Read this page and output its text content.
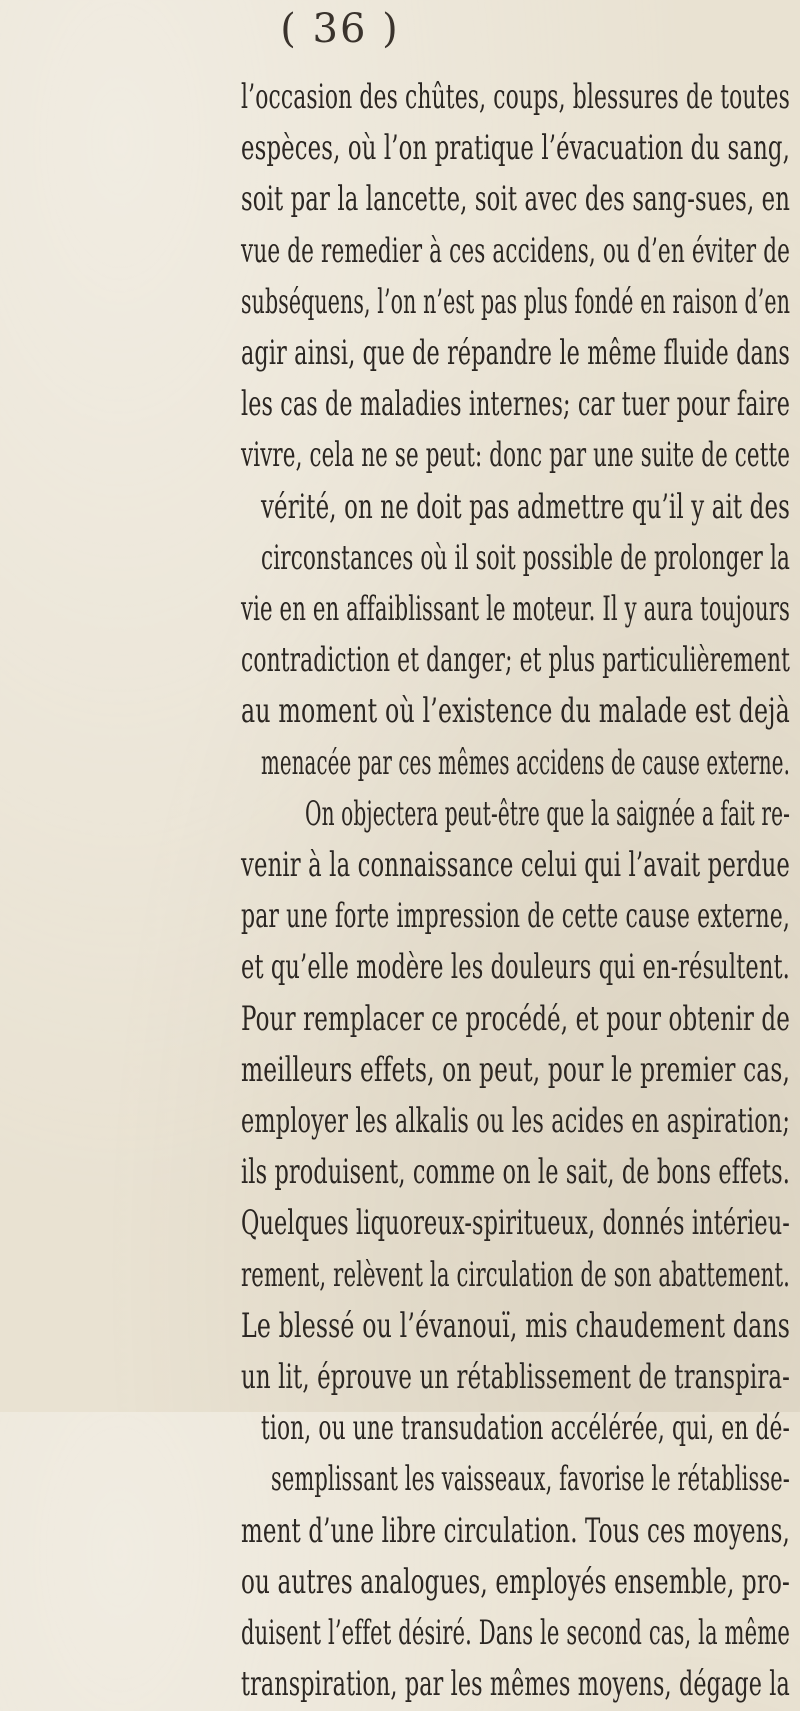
( 36 )
l’occasion des chûtes, coups, blessures de toutes
espèces, où l’on pratique l’évacuation du sang,
soit par la lancette, soit avec des sang-sues, en
vue de remedier à ces accidens, ou d’en éviter de
subséquens, l’on n’est pas plus fondé en raison d’en
agir ainsi, que de répandre le même fluide dans
les cas de maladies internes; car tuer pour faire
vivre, cela ne se peut: donc par une suite de cette
vérité, on ne doit pas admettre qu’il y ait des
circonstances où il soit possible de prolonger la
vie en en affaiblissant le moteur. Il y aura toujours
contradiction et danger; et plus particulièrement
au moment où l’existence du malade est dejà
menacée par ces mêmes accidens de cause externe.
On objectera peut-être que la saignée a fait re-
venir à la connaissance celui qui l’avait perdue
par une forte impression de cette cause externe,
et qu’elle modère les douleurs qui en-résultent.
Pour remplacer ce procédé, et pour obtenir de
meilleurs effets, on peut, pour le premier cas,
employer les alkalis ou les acides en aspiration;
ils produisent, comme on le sait, de bons effets.
Quelques liquoreux-spiritueux, donnés intérieu-
rement, relèvent la circulation de son abattement.
Le blessé ou l’évanouï, mis chaudement dans
un lit, éprouve un rétablissement de transpira-
tion, ou une transudation accélérée, qui, en dé-
semplissant les vaisseaux, favorise le rétablisse-
ment d’une libre circulation. Tous ces moyens,
ou autres analogues, employés ensemble, pro-
duisent l’effet désiré. Dans le second cas, la même
transpiration, par les mêmes moyens, dégage la
